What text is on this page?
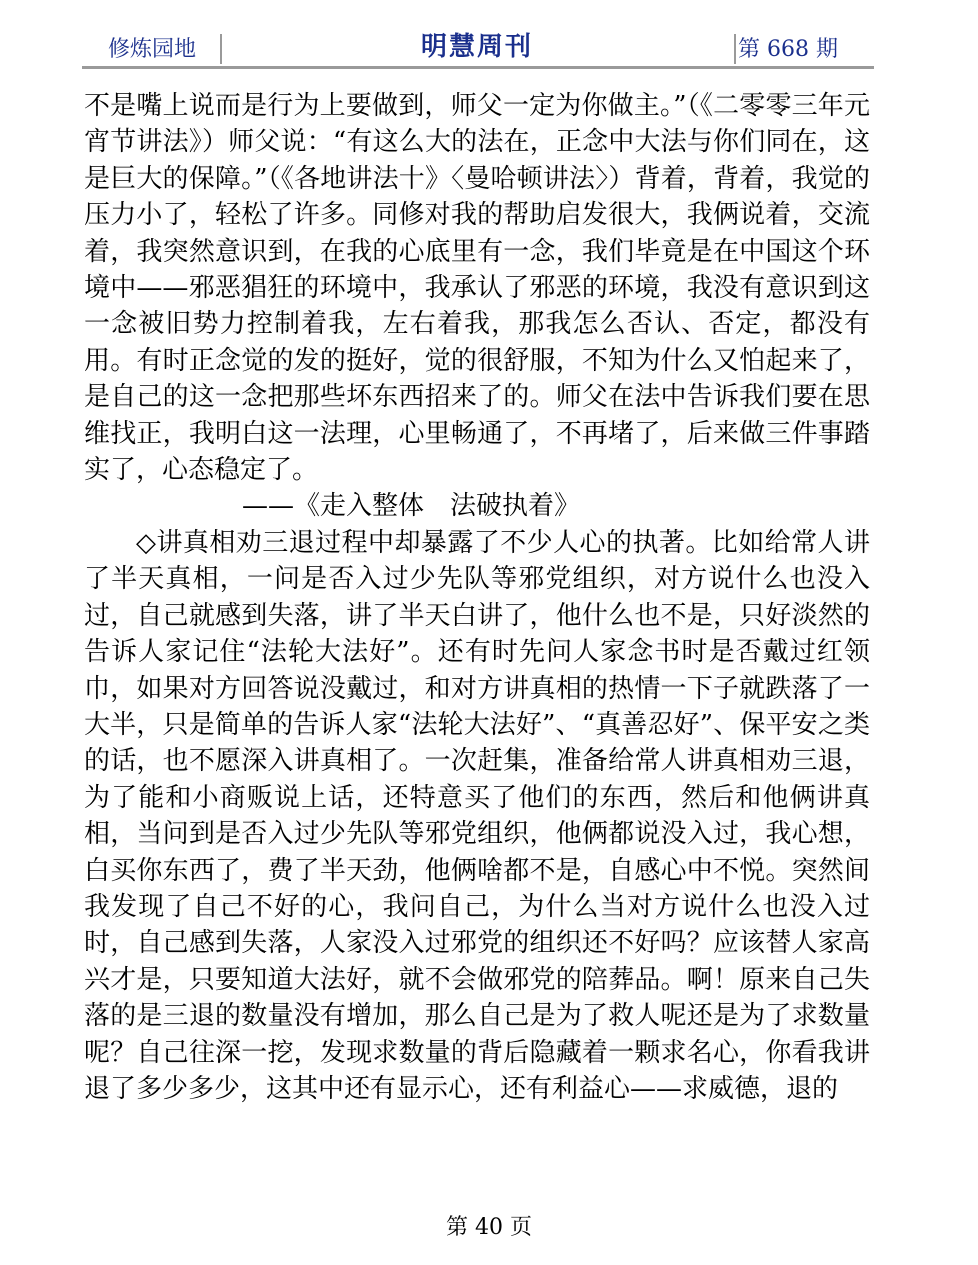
修炼园地	明慧周刊	第 668 期

不是嘴上说而是行为上要做到，师父一定为你做主。”（《二零零三年元宵节讲法》）师父说：“有这么大的法在，正念中大法与你们同在，这是巨大的保障。”（《各地讲法十》〈曼哈顿讲法〉）背着，背着，我觉的压力小了，轻松了许多。同修对我的帮助启发很大，我俩说着，交流着，我突然意识到，在我的心底里有一念，我们毕竟是在中国这个环境中——邪恶猖狂的环境中，我承认了邪恶的环境，我没有意识到这一念被旧势力控制着我，左右着我，那我怎么否认、否定，都没有用。有时正念觉的发的挺好，觉的很舒服，不知为什么又怕起来了，是自己的这一念把那些坏东西招来了的。师父在法中告诉我们要在思维找正，我明白这一法理，心里畅通了，不再堵了，后来做三件事踏实了，心态稳定了。

——《走入整体　法破执着》

◇讲真相劝三退过程中却暴露了不少人心的执著。比如给常人讲了半天真相，一问是否入过少先队等邪党组织，对方说什么也没入过，自己就感到失落，讲了半天白讲了，他什么也不是，只好淡然的告诉人家记住“法轮大法好”。还有时先问人家念书时是否戴过红领巾，如果对方回答说没戴过，和对方讲真相的热情一下子就跌落了一大半，只是简单的告诉人家“法轮大法好”、“真善忍好”、保平安之类的话，也不愿深入讲真相了。一次赶集，准备给常人讲真相劝三退，为了能和小商贩说上话，还特意买了他们的东西，然后和他俩讲真相，当问到是否入过少先队等邪党组织，他俩都说没入过，我心想，白买你东西了，费了半天劲，他俩啥都不是，自感心中不悦。突然间我发现了自己不好的心，我问自己，为什么当对方说什么也没入过时，自己感到失落，人家没入过邪党的组织还不好吗？应该替人家高兴才是，只要知道大法好，就不会做邪党的陪葬品。啊！原来自己失落的是三退的数量没有增加，那么自己是为了救人呢还是为了求数量呢？自己往深一挖，发现求数量的背后隐藏着一颗求名心，你看我讲退了多少多少，这其中还有显示心，还有利益心——求威德，退的

第 40 页
